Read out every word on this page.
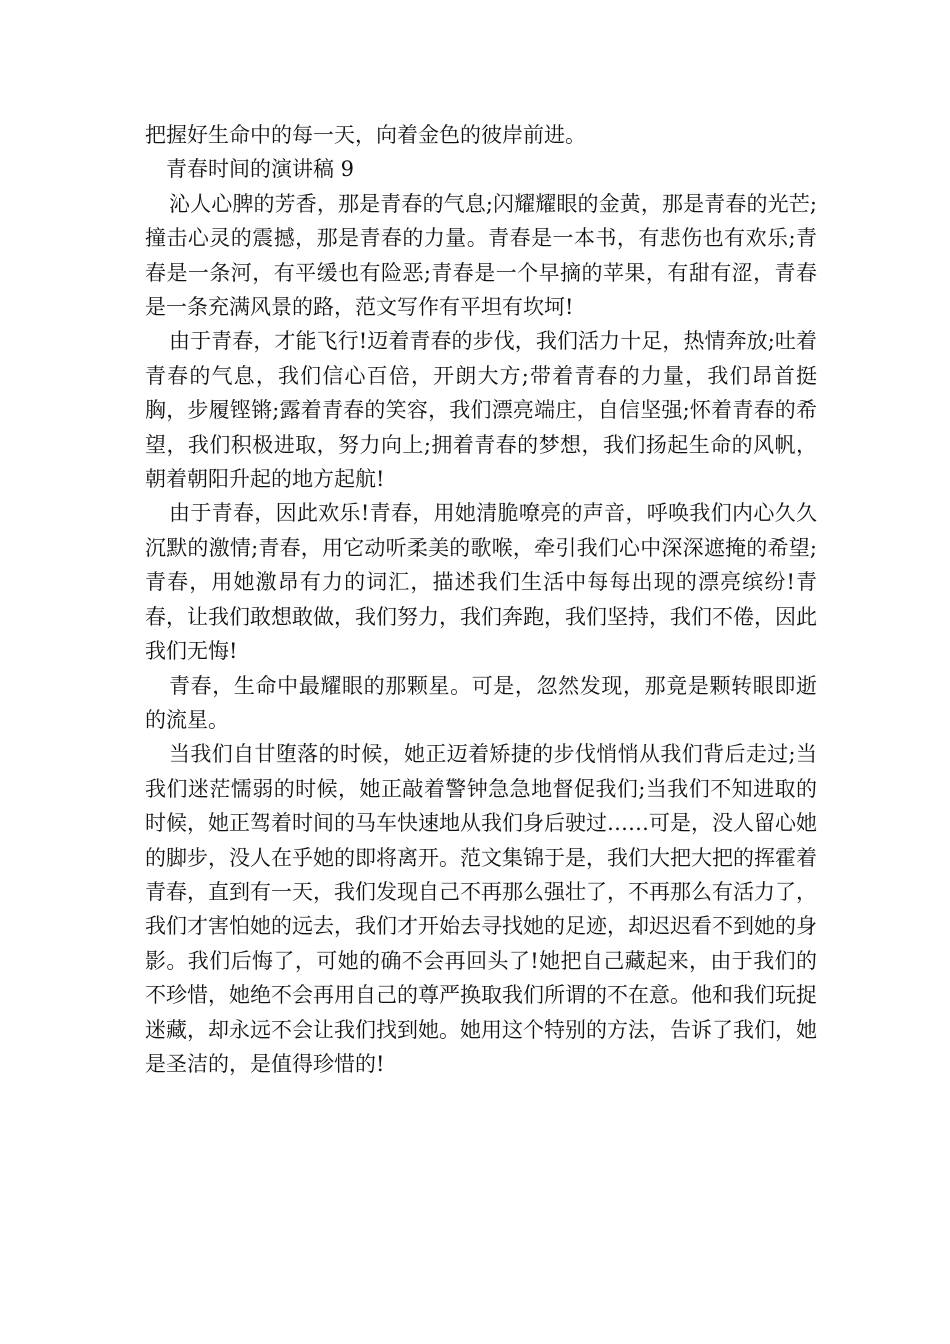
把握好生命中的每一天，向着金色的彼岸前进。

青春时间的演讲稿 9

沁人心脾的芳香，那是青春的气息;闪耀耀眼的金黄，那是青春的光芒;撞击心灵的震撼，那是青春的力量。青春是一本书，有悲伤也有欢乐;青春是一条河，有平缓也有险恶;青春是一个早摘的苹果，有甜有涩，青春是一条充满风景的路，范文写作有平坦有坎坷!

由于青春，才能飞行!迈着青春的步伐，我们活力十足，热情奔放;吐着青春的气息，我们信心百倍，开朗大方;带着青春的力量，我们昂首挺胸，步履铿锵;露着青春的笑容，我们漂亮端庄，自信坚强;怀着青春的希望，我们积极进取，努力向上;拥着青春的梦想，我们扬起生命的风帆，朝着朝阳升起的地方起航!

由于青春，因此欢乐!青春，用她清脆嘹亮的声音，呼唤我们内心久久沉默的激情;青春，用它动听柔美的歌喉，牵引我们心中深深遮掩的希望;青春，用她激昂有力的词汇，描述我们生活中每每出现的漂亮缤纷!青春，让我们敢想敢做，我们努力，我们奔跑，我们坚持，我们不倦，因此我们无悔!

青春，生命中最耀眼的那颗星。可是，忽然发现，那竟是颗转眼即逝的流星。

当我们自甘堕落的时候，她正迈着矫捷的步伐悄悄从我们背后走过;当我们迷茫懦弱的时候，她正敲着警钟急急地督促我们;当我们不知进取的时候，她正驾着时间的马车快速地从我们身后驶过……可是，没人留心她的脚步，没人在乎她的即将离开。范文集锦于是，我们大把大把的挥霍着青春，直到有一天，我们发现自己不再那么强壮了，不再那么有活力了，我们才害怕她的远去，我们才开始去寻找她的足迹，却迟迟看不到她的身影。我们后悔了，可她的确不会再回头了!她把自己藏起来，由于我们的不珍惜，她绝不会再用自己的尊严换取我们所谓的不在意。他和我们玩捉迷藏，却永远不会让我们找到她。她用这个特别的方法，告诉了我们，她是圣洁的，是值得珍惜的!
